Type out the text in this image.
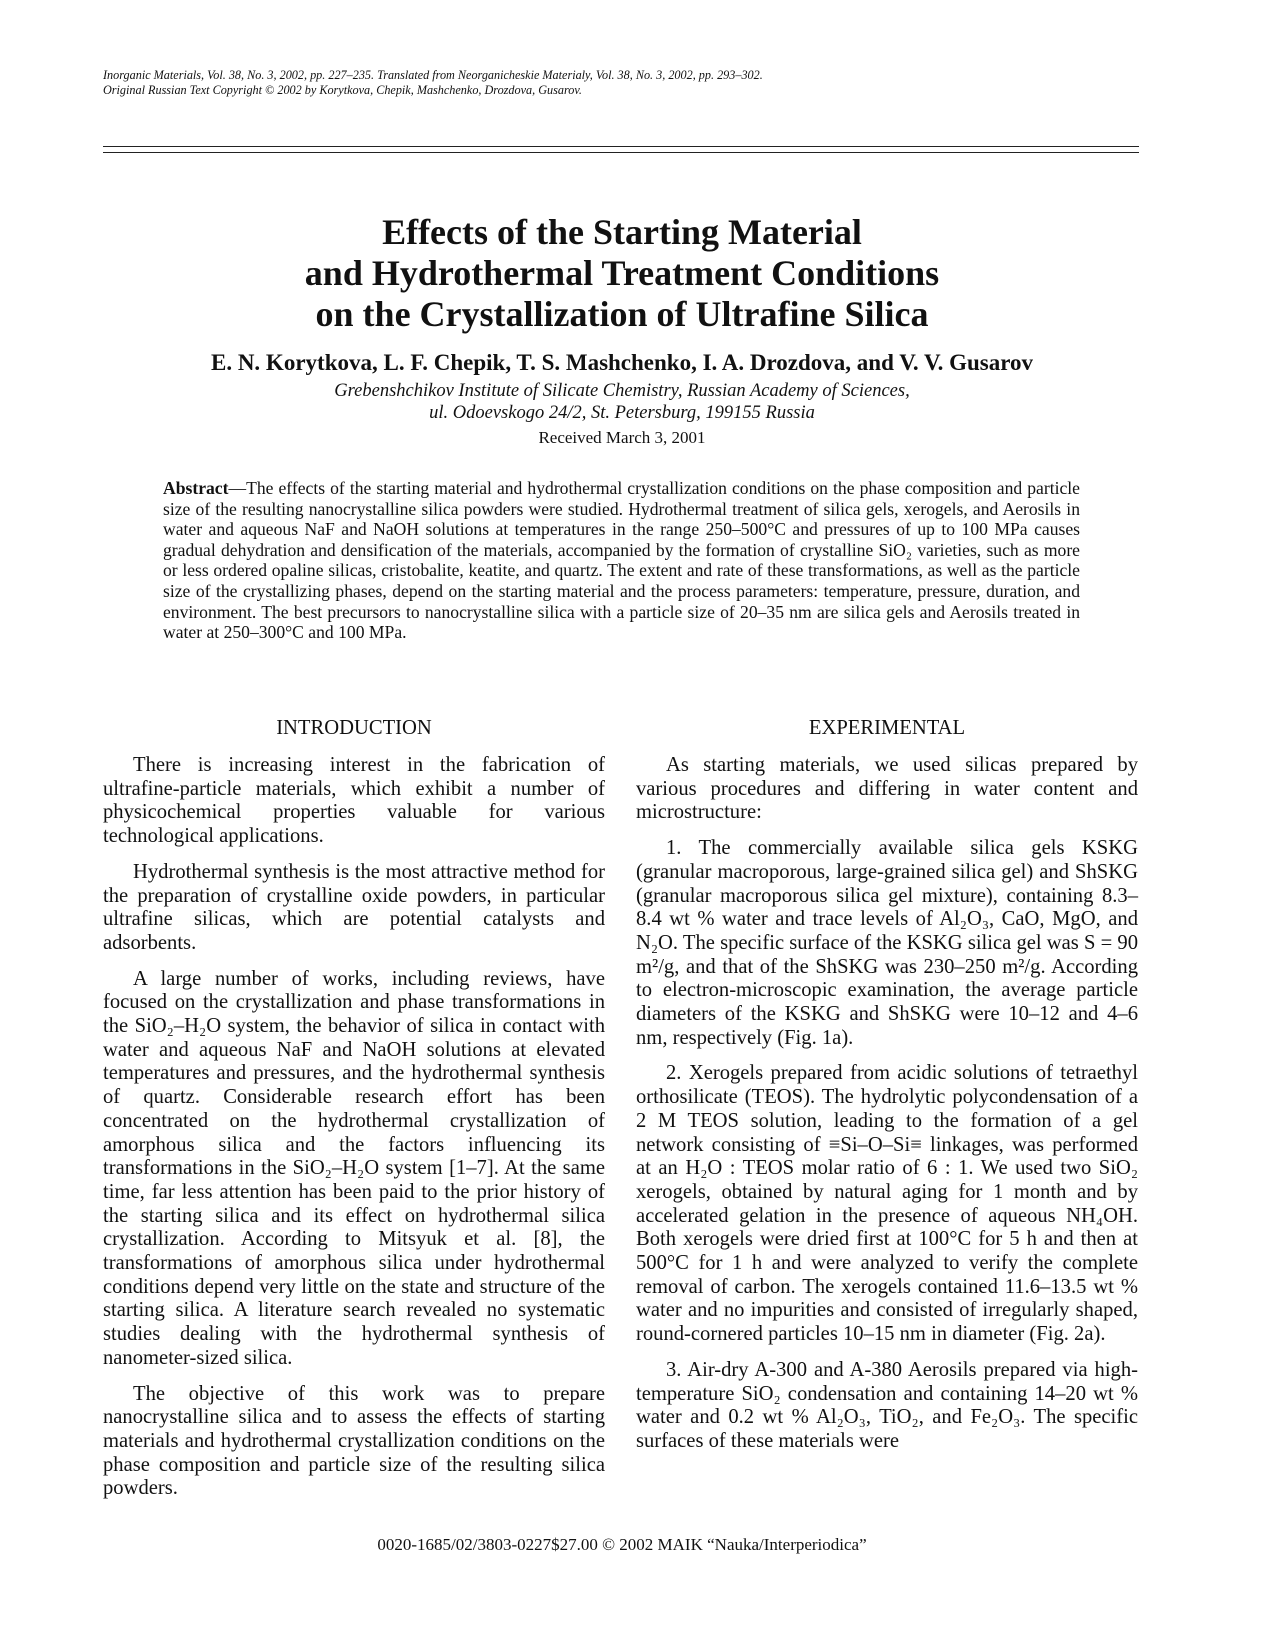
Inorganic Materials, Vol. 38, No. 3, 2002, pp. 227–235. Translated from Neorganicheskie Materialy, Vol. 38, No. 3, 2002, pp. 293–302.
Original Russian Text Copyright © 2002 by Korytkova, Chepik, Mashchenko, Drozdova, Gusarov.
Effects of the Starting Material
and Hydrothermal Treatment Conditions
on the Crystallization of Ultrafine Silica
E. N. Korytkova, L. F. Chepik, T. S. Mashchenko, I. A. Drozdova, and V. V. Gusarov
Grebenshchikov Institute of Silicate Chemistry, Russian Academy of Sciences,
ul. Odoevskogo 24/2, St. Petersburg, 199155 Russia
Received March 3, 2001
Abstract—The effects of the starting material and hydrothermal crystallization conditions on the phase composition and particle size of the resulting nanocrystalline silica powders were studied. Hydrothermal treatment of silica gels, xerogels, and Aerosils in water and aqueous NaF and NaOH solutions at temperatures in the range 250–500°C and pressures of up to 100 MPa causes gradual dehydration and densification of the materials, accompanied by the formation of crystalline SiO₂ varieties, such as more or less ordered opaline silicas, cristobalite, keatite, and quartz. The extent and rate of these transformations, as well as the particle size of the crystallizing phases, depend on the starting material and the process parameters: temperature, pressure, duration, and environment. The best precursors to nanocrystalline silica with a particle size of 20–35 nm are silica gels and Aerosils treated in water at 250–300°C and 100 MPa.
INTRODUCTION

There is increasing interest in the fabrication of ultrafine-particle materials, which exhibit a number of physicochemical properties valuable for various technological applications.

Hydrothermal synthesis is the most attractive method for the preparation of crystalline oxide powders, in particular ultrafine silicas, which are potential catalysts and adsorbents.

A large number of works, including reviews, have focused on the crystallization and phase transformations in the SiO₂–H₂O system, the behavior of silica in contact with water and aqueous NaF and NaOH solutions at elevated temperatures and pressures, and the hydrothermal synthesis of quartz. Considerable research effort has been concentrated on the hydrothermal crystallization of amorphous silica and the factors influencing its transformations in the SiO₂–H₂O system [1–7]. At the same time, far less attention has been paid to the prior history of the starting silica and its effect on hydrothermal silica crystallization. According to Mitsyuk et al. [8], the transformations of amorphous silica under hydrothermal conditions depend very little on the state and structure of the starting silica. A literature search revealed no systematic studies dealing with the hydrothermal synthesis of nanometer-sized silica.

The objective of this work was to prepare nanocrystalline silica and to assess the effects of starting materials and hydrothermal crystallization conditions on the phase composition and particle size of the resulting silica powders.

EXPERIMENTAL

As starting materials, we used silicas prepared by various procedures and differing in water content and microstructure:

1. The commercially available silica gels KSKG (granular macroporous, large-grained silica gel) and ShSKG (granular macroporous silica gel mixture), containing 8.3–8.4 wt % water and trace levels of Al₂O₃, CaO, MgO, and N₂O. The specific surface of the KSKG silica gel was S = 90 m²/g, and that of the ShSKG was 230–250 m²/g. According to electron-microscopic examination, the average particle diameters of the KSKG and ShSKG were 10–12 and 4–6 nm, respectively (Fig. 1a).

2. Xerogels prepared from acidic solutions of tetraethyl orthosilicate (TEOS). The hydrolytic polycondensation of a 2 M TEOS solution, leading to the formation of a gel network consisting of ≡Si–O–Si≡ linkages, was performed at an H₂O : TEOS molar ratio of 6 : 1. We used two SiO₂ xerogels, obtained by natural aging for 1 month and by accelerated gelation in the presence of aqueous NH₄OH. Both xerogels were dried first at 100°C for 5 h and then at 500°C for 1 h and were analyzed to verify the complete removal of carbon. The xerogels contained 11.6–13.5 wt % water and no impurities and consisted of irregularly shaped, round-cornered particles 10–15 nm in diameter (Fig. 2a).

3. Air-dry A-300 and A-380 Aerosils prepared via high-temperature SiO₂ condensation and containing 14–20 wt % water and 0.2 wt % Al₂O₃, TiO₂, and Fe₂O₃. The specific surfaces of these materials were

0020-1685/02/3803-0227$27.00 © 2002 MAIK “Nauka/Interperiodica”
